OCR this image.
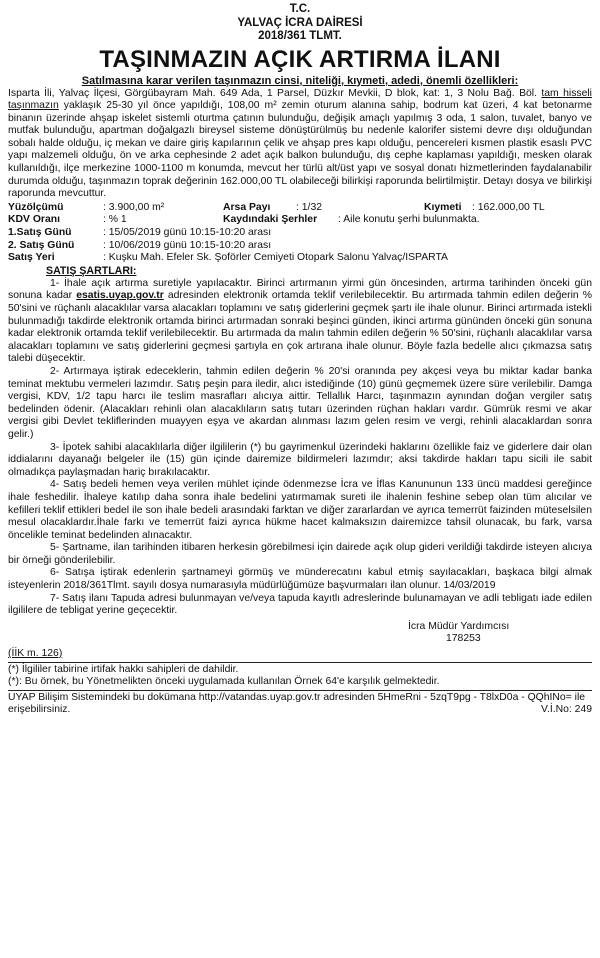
T.C.
YALVAÇ İCRA DAİRESİ
2018/361 TLMT.
TAŞINMAZIN AÇIK ARTIRMA İLANI
Satılmasına karar verilen taşınmazın cinsi, niteliği, kıymeti, adedi, önemli özellikleri:

Isparta İli, Yalvaç İlçesi, Görgübayram Mah. 649 Ada, 1 Parsel, Düzkır Mevkii, D blok, kat: 1, 3 Nolu Bağ. Böl. tam hisseli taşınmazın yaklaşık 25-30 yıl önce yapıldığı, 108,00 m² zemin oturum alanına sahip, bodrum kat üzeri, 4 kat betonarme binanın üzerinde ahşap iskelet sistemli oturtma çatının bulunduğu, değişik amaçlı yapılmış 3 oda, 1 salon, tuvalet, banyo ve mutfak bulunduğu, apartman doğalgazlı bireysel sisteme dönüştürülmüş bu nedenle kalorifer sistemi devre dışı olduğundan sobalı halde olduğu, iç mekan ve daire giriş kapılarının çelik ve ahşap pres kapı olduğu, pencereleri kısmen plastik esaslı PVC yapı malzemeli olduğu, ön ve arka cephesinde 2 adet açık balkon bulunduğu, dış cephe kaplaması yapıldığı, mesken olarak kullanıldığı, ilçe merkezine 1000-1100 m konumda, mevcut her türlü alt/üst yapı ve sosyal donatı hizmetlerinden faydalanabilir durumda olduğu, taşınmazın toprak değerinin 162.000,00 TL olabileceği bilirkişi raporunda belirtilmiştir. Detayı dosya ve bilirkişi raporunda mevcuttur.

Yüzölçümü	: 3.900,00 m²	Arsa Payı	: 1/32	Kıymeti	: 162.000,00 TL
KDV Oranı	: % 1	Kaydındaki Şerhler		: Aile konutu şerhi bulunmakta.	
1.Satış Günü	: 15/05/2019 günü 10:15-10:20 arası				
2. Satış Günü	: 10/06/2019 günü 10:15-10:20 arası				
Satış Yeri	: Kuşku Mah. Efeler Sk. Şoförler Cemiyeti Otopark Salonu Yalvaç/ISPARTA				
SATIŞ ŞARTLARI:

1- İhale açık artırma suretiyle yapılacaktır. Birinci artırmanın yirmi gün öncesinden, artırma tarihinden önceki gün sonuna kadar esatis.uyap.gov.tr adresinden elektronik ortamda teklif verilebilecektir. Bu artırmada tahmin edilen değerin % 50'sini ve rüçhanlı alacaklılar varsa alacakları toplamını ve satış giderlerini geçmek şartı ile ihale olunur. Birinci artırmada istekli bulunmadığı takdirde elektronik ortamda birinci artırmadan sonraki beşinci günden, ikinci artırma gününden önceki gün sonuna kadar elektronik ortamda teklif verilebilecektir. Bu artırmada da malın tahmin edilen değerin % 50'sini, rüçhanlı alacaklılar varsa alacakları toplamını ve satış giderlerini geçmesi şartıyla en çok artırana ihale olunur. Böyle fazla bedelle alıcı çıkmazsa satış talebi düşecektir.

2- Artırmaya iştirak edeceklerin, tahmin edilen değerin % 20'si oranında pey akçesi veya bu miktar kadar banka teminat mektubu vermeleri lazımdır. Satış peşin para iledir, alıcı istediğinde (10) günü geçmemek üzere süre verilebilir. Damga vergisi, KDV, 1/2 tapu harcı ile teslim masrafları alıcıya aittir. Tellallık Harcı, taşınmazın aynından doğan vergiler satış bedelinden ödenir. (Alacakları rehinli olan alacaklıların satış tutarı üzerinden rüçhan hakları vardır. Gümrük resmi ve akar vergisi gibi Devlet tekliflerinden muayyen eşya ve akardan alınması lazım gelen resim ve vergi, rehinli alacaklardan sonra gelir.)

3- İpotek sahibi alacaklılarla diğer ilgililerin (*) bu gayrimenkul üzerindeki haklarını özellikle faiz ve giderlere dair olan iddialarını dayanağı belgeler ile (15) gün içinde dairemize bildirmeleri lazımdır; aksi takdirde hakları tapu sicili ile sabit olmadıkça paylaşmadan hariç bırakılacaktır.

4- Satış bedeli hemen veya verilen mühlet içinde ödenmezse İcra ve İflas Kanununun 133 üncü maddesi gereğince ihale feshedilir. İhaleye katılıp daha sonra ihale bedelini yatırmamak sureti ile ihalenin feshine sebep olan tüm alıcılar ve kefilleri teklif ettikleri bedel ile son ihale bedeli arasındaki farktan ve diğer zararlardan ve ayrıca temerrüt faizinden müteselsilen mesul olacaklardır.İhale farkı ve temerrüt faizi ayrıca hükme hacet kalmaksızın dairemizce tahsil olunacak, bu fark, varsa öncelikle teminat bedelinden alınacaktır.

5- Şartname, ilan tarihinden itibaren herkesin görebilmesi için dairede açık olup gideri verildiği takdirde isteyen alıcıya bir örneği gönderilebilir.

6- Satışa iştirak edenlerin şartnameyi görmüş ve münderecatını kabul etmiş sayılacakları, başkaca bilgi almak isteyenlerin 2018/361Tlmt. sayılı dosya numarasıyla müdürlüğümüze başvurmaları ilan olunur. 14/03/2019

7- Satış ilanı Tapuda adresi bulunmayan ve/veya tapuda kayıtlı adreslerinde bulunamayan ve adli tebligatı iade edilen ilgililere de tebligat yerine geçecektir.

İcra Müdür Yardımcısı
178253
(İİK m. 126)
(*) İlgililer tabirine irtifak hakkı sahipleri de dahildir.
(*): Bu örnek, bu Yönetmelikten önceki uygulamada kullanılan Örnek 64'e karşılık gelmektedir.
UYAP Bilişim Sistemindeki bu dokümana http://vatandas.uyap.gov.tr adresinden 5HmeRni - 5zqT9pg - T8lxD0a - QQhINo= ile erişebilirsiniz.	V.İ.No: 249
